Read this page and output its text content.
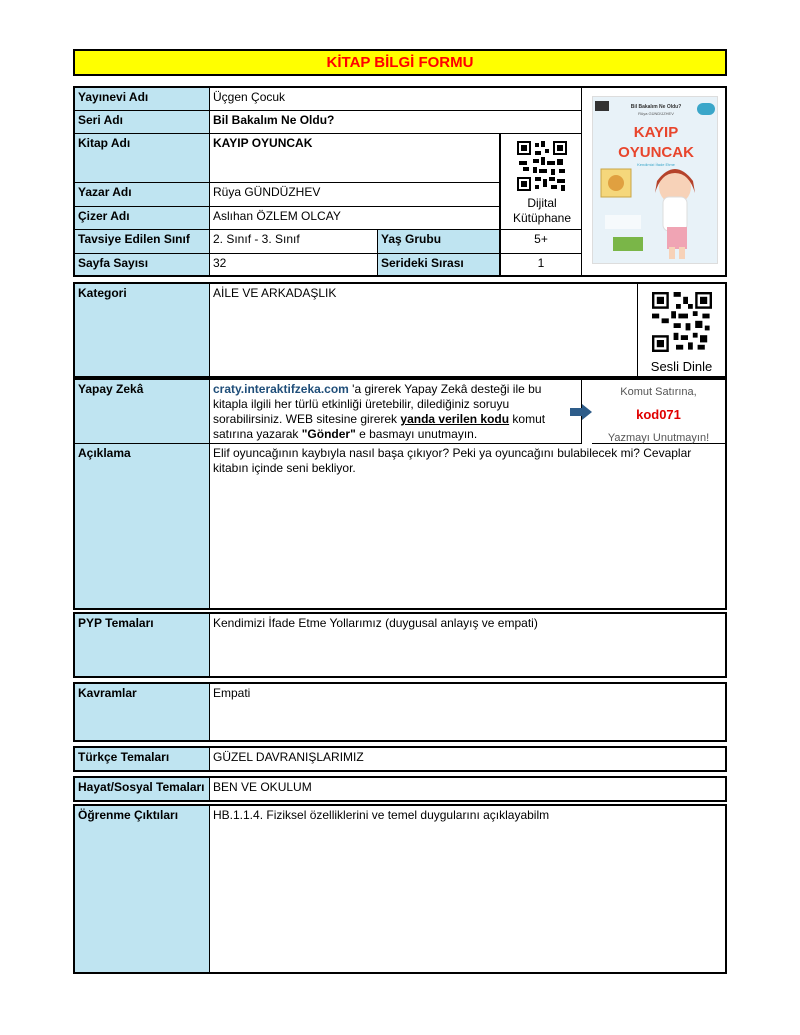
KİTAP BİLGİ FORMU
Yayınevi Adı	Üçgen Çocuk
Seri Adı	Bil Bakalım Ne Oldu?
Kitap Adı	KAYIP OYUNCAK
Yazar Adı	Rüya GÜNDÜZHEV
Çizer Adı	Aslıhan ÖZLEM OLCAY
Dijital Kütüphane
Tavsiye Edilen Sınıf	2. Sınıf - 3. Sınıf	Yaş Grubu	5+
Sayfa Sayısı	32	Serideki Sırası	1
Bil Bakalım Ne Oldu?
Rüya GÜNDÜZHEV
KAYIP
OYUNCAK
Kendimizi İfade Etme
Kategori	AİLE VE ARKADAŞLIK
Sesli Dinle
Yapay Zekâ	craty.interaktifzeka.com 'a girerek Yapay Zekâ desteği ile bu kitapla ilgili her türlü etkinliği üretebilir, dilediğiniz soruyu sorabilirsiniz. WEB sitesine girerek yanda verilen kodu komut satırına yazarak "Gönder" e basmayı unutmayın.
Komut Satırına,
kod071
Yazmayı Unutmayın!
Açıklama	Elif oyuncağının kaybıyla nasıl başa çıkıyor? Peki ya oyuncağını bulabilecek mi? Cevaplar kitabın içinde seni bekliyor.
PYP Temaları	Kendimizi İfade Etme Yollarımız (duygusal anlayış ve empati)
Kavramlar	Empati
Türkçe Temaları	GÜZEL DAVRANIŞLARIMIZ
Hayat/Sosyal Temaları BEN VE OKULUM
Öğrenme Çıktıları	HB.1.1.4. Fiziksel özelliklerini ve temel duygularını açıklayabilm
